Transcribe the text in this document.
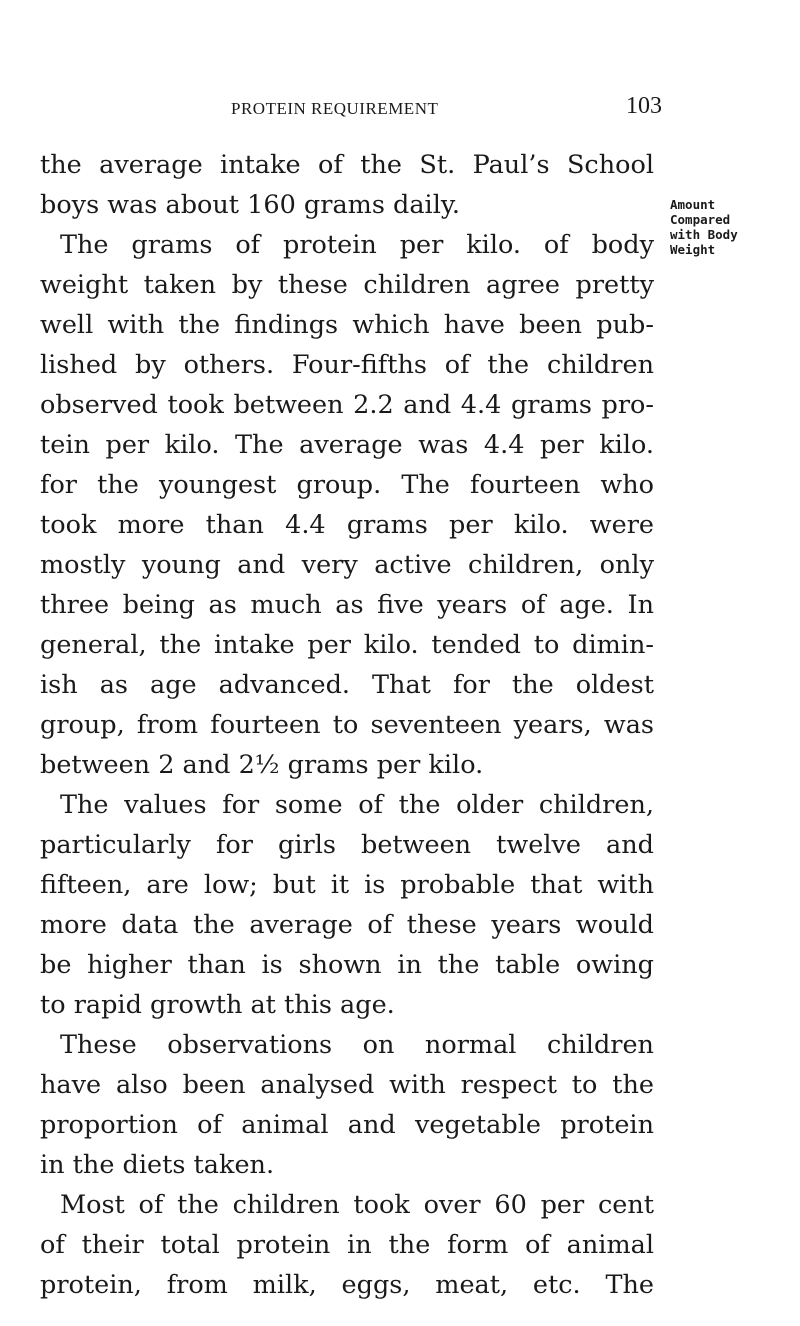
PROTEIN REQUIREMENT	103
Amount
Compared
with Body
Weight
the average intake of the St. Paul’s School
boys was about 160 grams daily.
The grams of protein per kilo. of body
weight taken by these children agree pretty
well with the findings which have been pub-
lished by others. Four-fifths of the children
observed took between 2.2 and 4.4 grams pro-
tein per kilo. The average was 4.4 per kilo.
for the youngest group. The fourteen who
took more than 4.4 grams per kilo. were
mostly young and very active children, only
three being as much as five years of age. In
general, the intake per kilo. tended to dimin-
ish as age advanced. That for the oldest
group, from fourteen to seventeen years, was
between 2 and 2½ grams per kilo.
The values for some of the older children,
particularly for girls between twelve and
fifteen, are low; but it is probable that with
more data the average of these years would
be higher than is shown in the table owing
to rapid growth at this age.
These observations on normal children
have also been analysed with respect to the
proportion of animal and vegetable protein
in the diets taken.
Most of the children took over 60 per cent
of their total protein in the form of animal
protein, from milk, eggs, meat, etc. The
